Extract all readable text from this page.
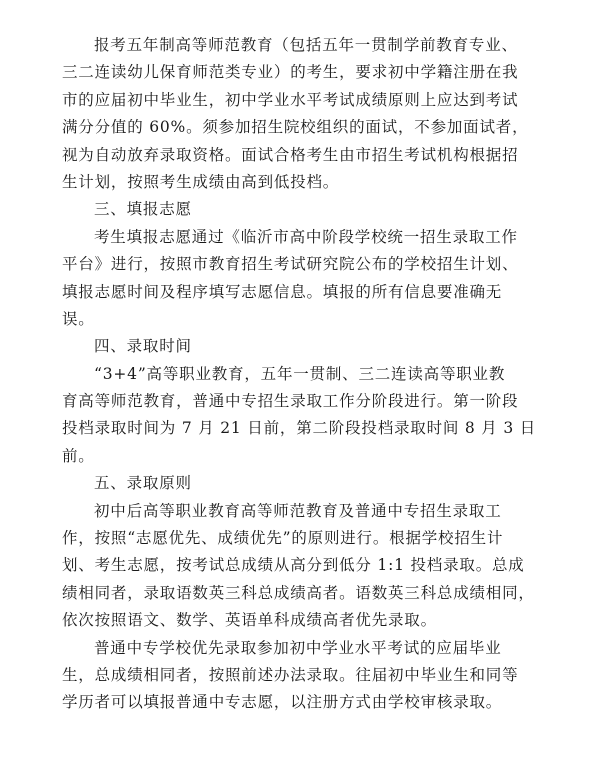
报考五年制高等师范教育（包括五年一贯制学前教育专业、
三二连读幼儿保育师范类专业）的考生，要求初中学籍注册在我
市的应届初中毕业生，初中学业水平考试成绩原则上应达到考试
满分分值的 60%。须参加招生院校组织的面试，不参加面试者，
视为自动放弃录取资格。面试合格考生由市招生考试机构根据招
生计划，按照考生成绩由高到低投档。
三、填报志愿
考生填报志愿通过《临沂市高中阶段学校统一招生录取工作
平台》进行，按照市教育招生考试研究院公布的学校招生计划、
填报志愿时间及程序填写志愿信息。填报的所有信息要准确无
误。
四、录取时间
“3+4”高等职业教育，五年一贯制、三二连读高等职业教
育高等师范教育，普通中专招生录取工作分阶段进行。第一阶段
投档录取时间为 7 月 21 日前，第二阶段投档录取时间 8 月 3 日
前。
五、录取原则
初中后高等职业教育高等师范教育及普通中专招生录取工
作，按照“志愿优先、成绩优先”的原则进行。根据学校招生计
划、考生志愿，按考试总成绩从高分到低分 1:1 投档录取。总成
绩相同者，录取语数英三科总成绩高者。语数英三科总成绩相同，
依次按照语文、数学、英语单科成绩高者优先录取。
普通中专学校优先录取参加初中学业水平考试的应届毕业
生，总成绩相同者，按照前述办法录取。往届初中毕业生和同等
学历者可以填报普通中专志愿，以注册方式由学校审核录取。
